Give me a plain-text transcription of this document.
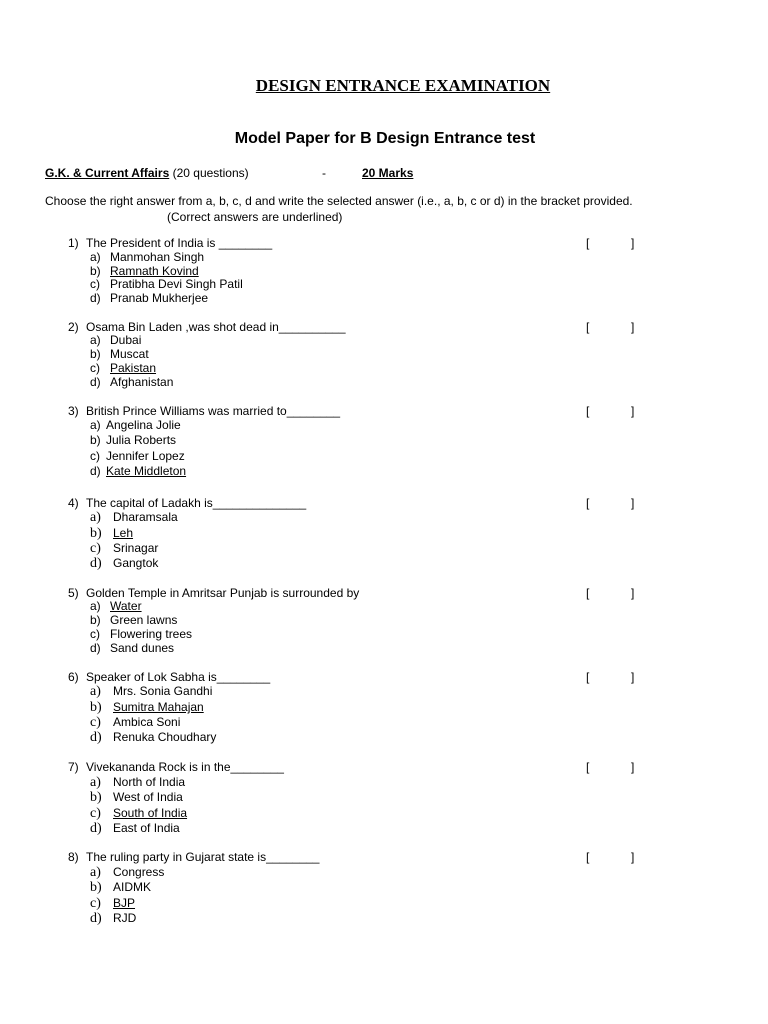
DESIGN ENTRANCE EXAMINATION
Model Paper for B Design Entrance test
G.K. & Current Affairs (20 questions)	-	20 Marks
Choose the right answer from a, b, c, d and write the selected answer (i.e., a, b, c or d) in the bracket provided.
(Correct answers are underlined)
1) The President of India is ________	[	]
a) Manmohan Singh
b) Ramnath Kovind
c) Pratibha Devi Singh Patil
d) Pranab Mukherjee
2) Osama Bin Laden ,was shot dead in__________	[	]
a) Dubai
b) Muscat
c) Pakistan
d) Afghanistan
3) British Prince Williams was married to________	[	]
a) Angelina Jolie
b) Julia Roberts
c) Jennifer Lopez
d) Kate Middleton
4) The capital of Ladakh is______________	[	]
a) Dharamsala
b) Leh
c) Srinagar
d) Gangtok
5) Golden Temple in Amritsar Punjab is surrounded by	[	]
a) Water
b) Green lawns
c) Flowering trees
d) Sand dunes
6) Speaker of Lok Sabha is________	[	]
a) Mrs. Sonia Gandhi
b) Sumitra Mahajan
c) Ambica Soni
d) Renuka Choudhary
7) Vivekananda Rock is in the________	[	]
a) North of India
b) West of India
c) South of India
d) East of India
8) The ruling party in Gujarat state is________	[	]
a) Congress
b) AIDMK
c) BJP
d) RJD
